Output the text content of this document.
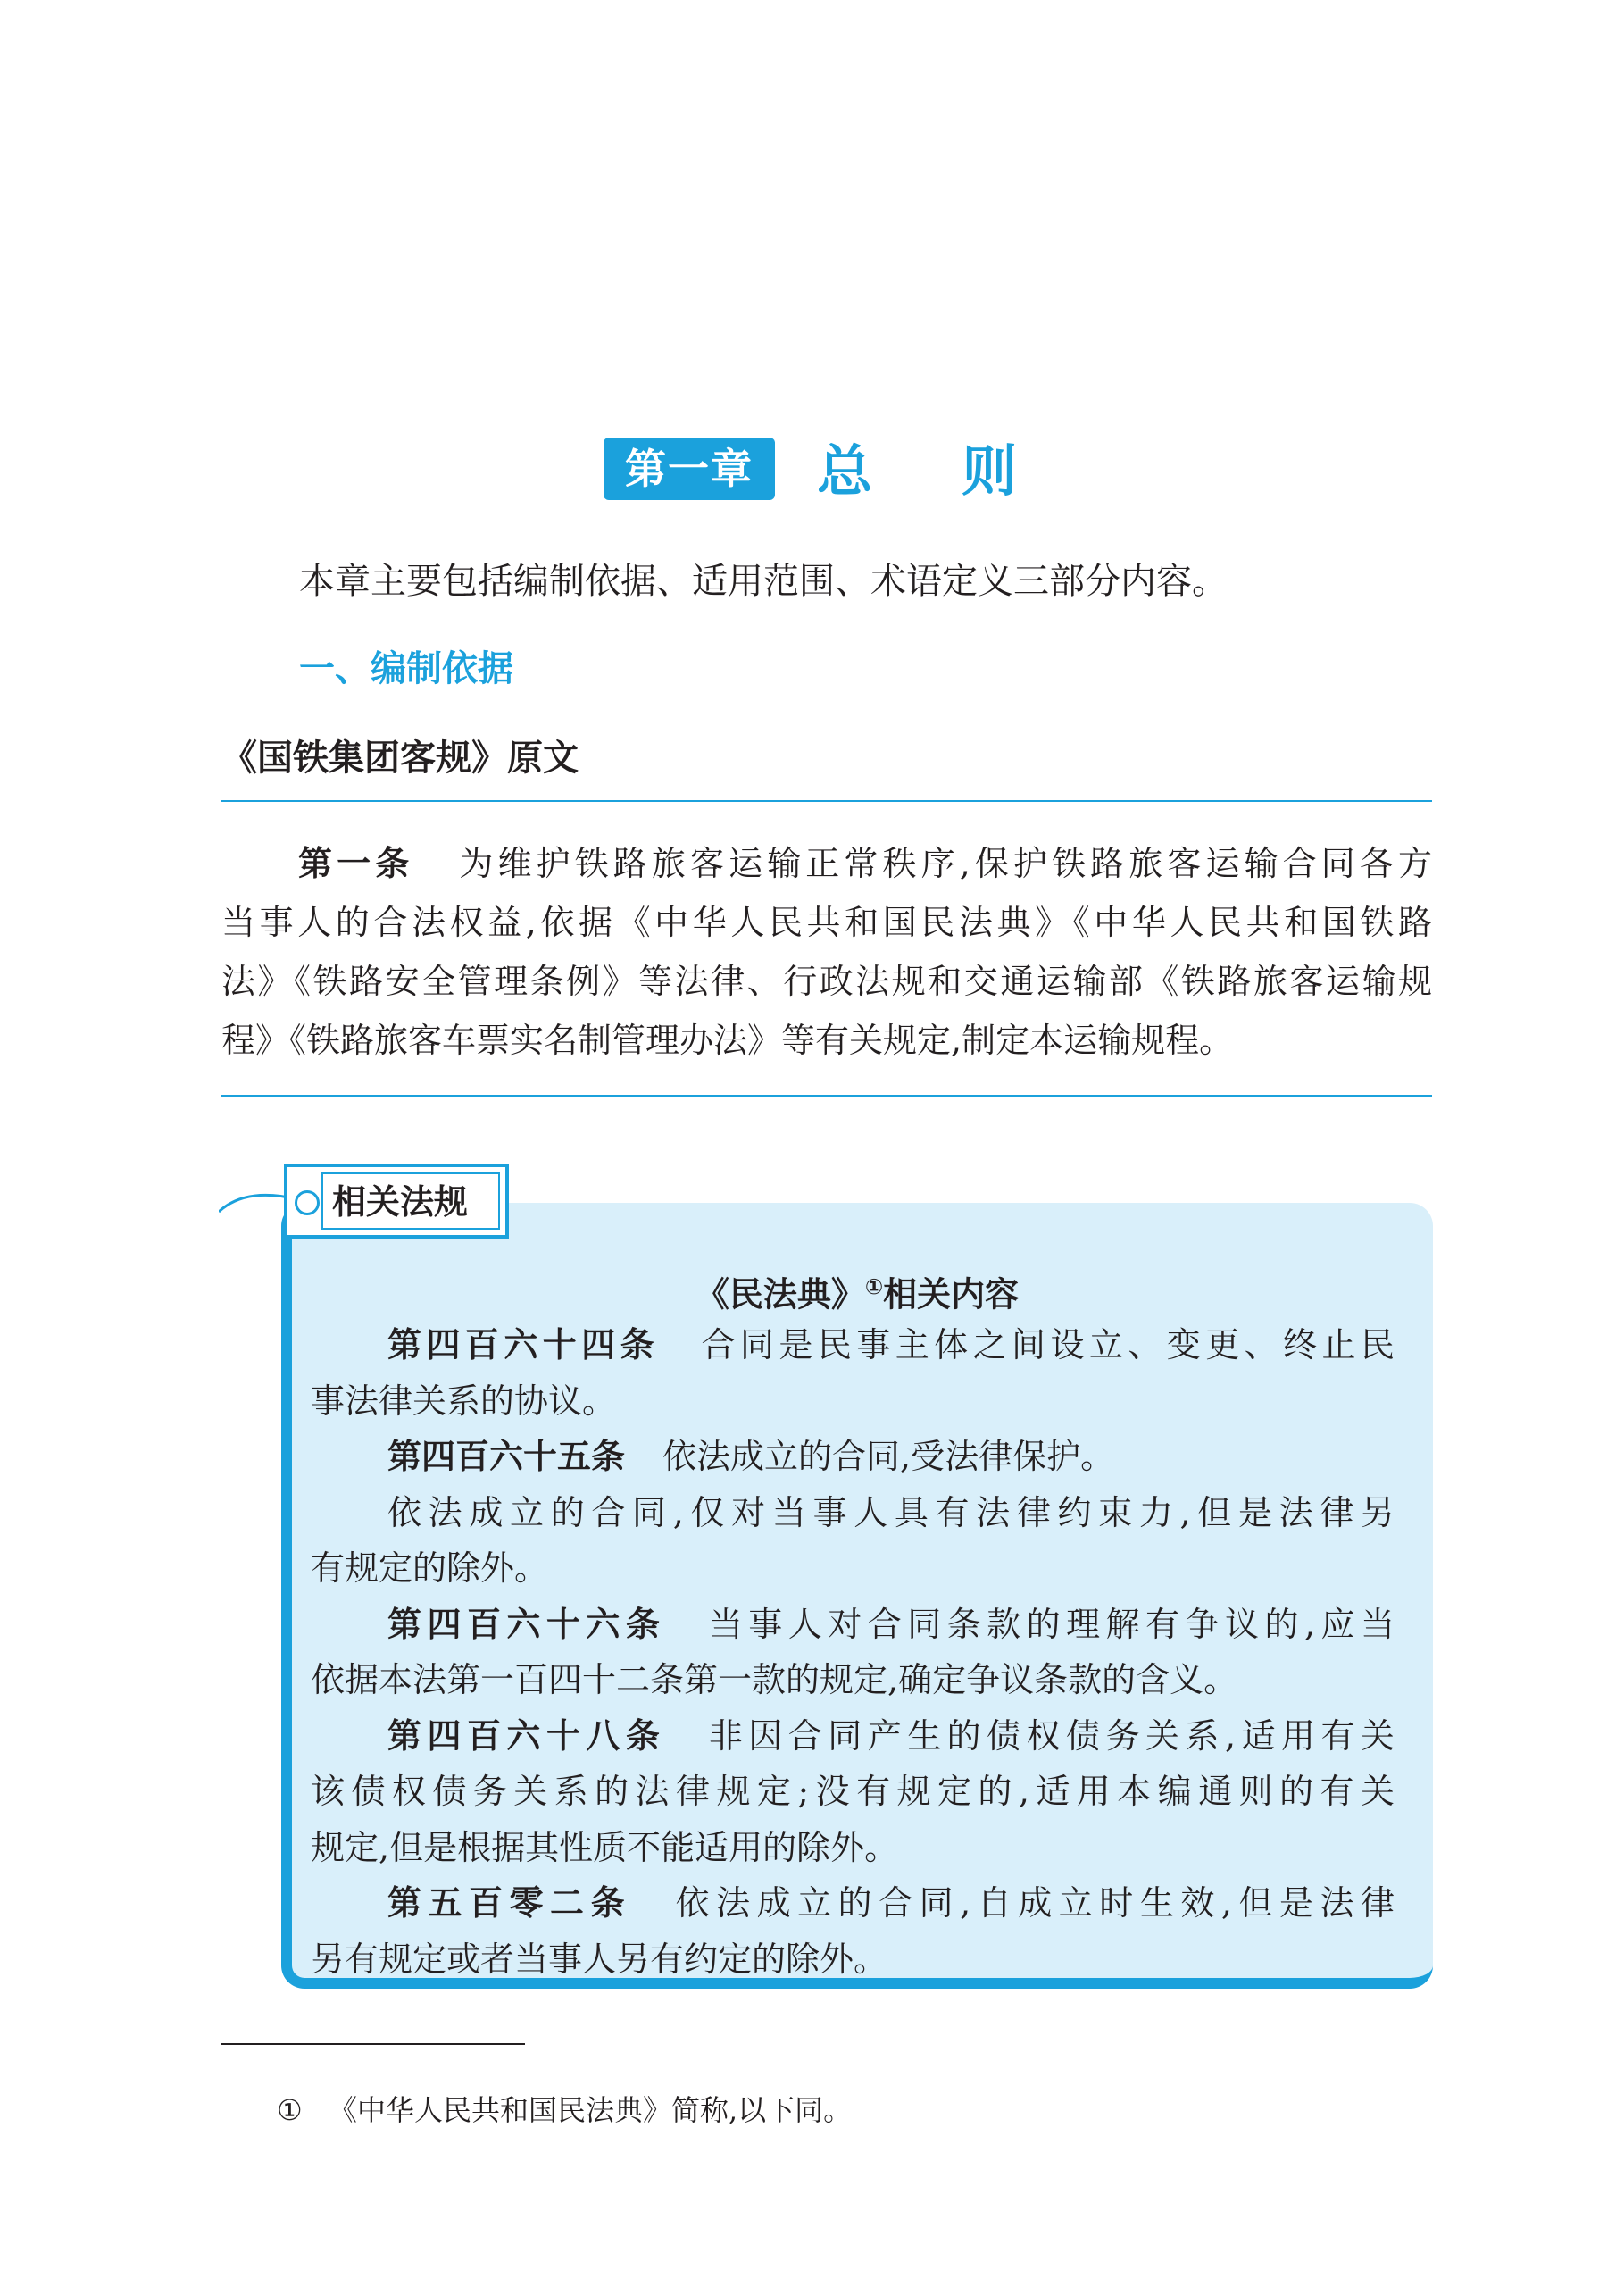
第一章	总则
本章主要包括编制依据、适用范围、术语定义三部分内容。
一、编制依据
《国铁集团客规》原文
第一条 为维护铁路旅客运输正常秩序,保护铁路旅客运输合同各方
当事人的合法权益,依据《中华人民共和国民法典》《中华人民共和国铁路
法》《铁路安全管理条例》等法律、行政法规和交通运输部《铁路旅客运输规
程》《铁路旅客车票实名制管理办法》等有关规定,制定本运输规程。
相关法规
《民法典》①相关内容
第四百六十四条 合同是民事主体之间设立、变更、终止民
事法律关系的协议。
第四百六十五条 依法成立的合同,受法律保护。
依法成立的合同,仅对当事人具有法律约束力,但是法律另
有规定的除外。
第四百六十六条 当事人对合同条款的理解有争议的,应当
依据本法第一百四十二条第一款的规定,确定争议条款的含义。
第四百六十八条 非因合同产生的债权债务关系,适用有关
该债权债务关系的法律规定;没有规定的,适用本编通则的有关
规定,但是根据其性质不能适用的除外。
第五百零二条 依法成立的合同,自成立时生效,但是法律
另有规定或者当事人另有约定的除外。
① 《中华人民共和国民法典》简称,以下同。
